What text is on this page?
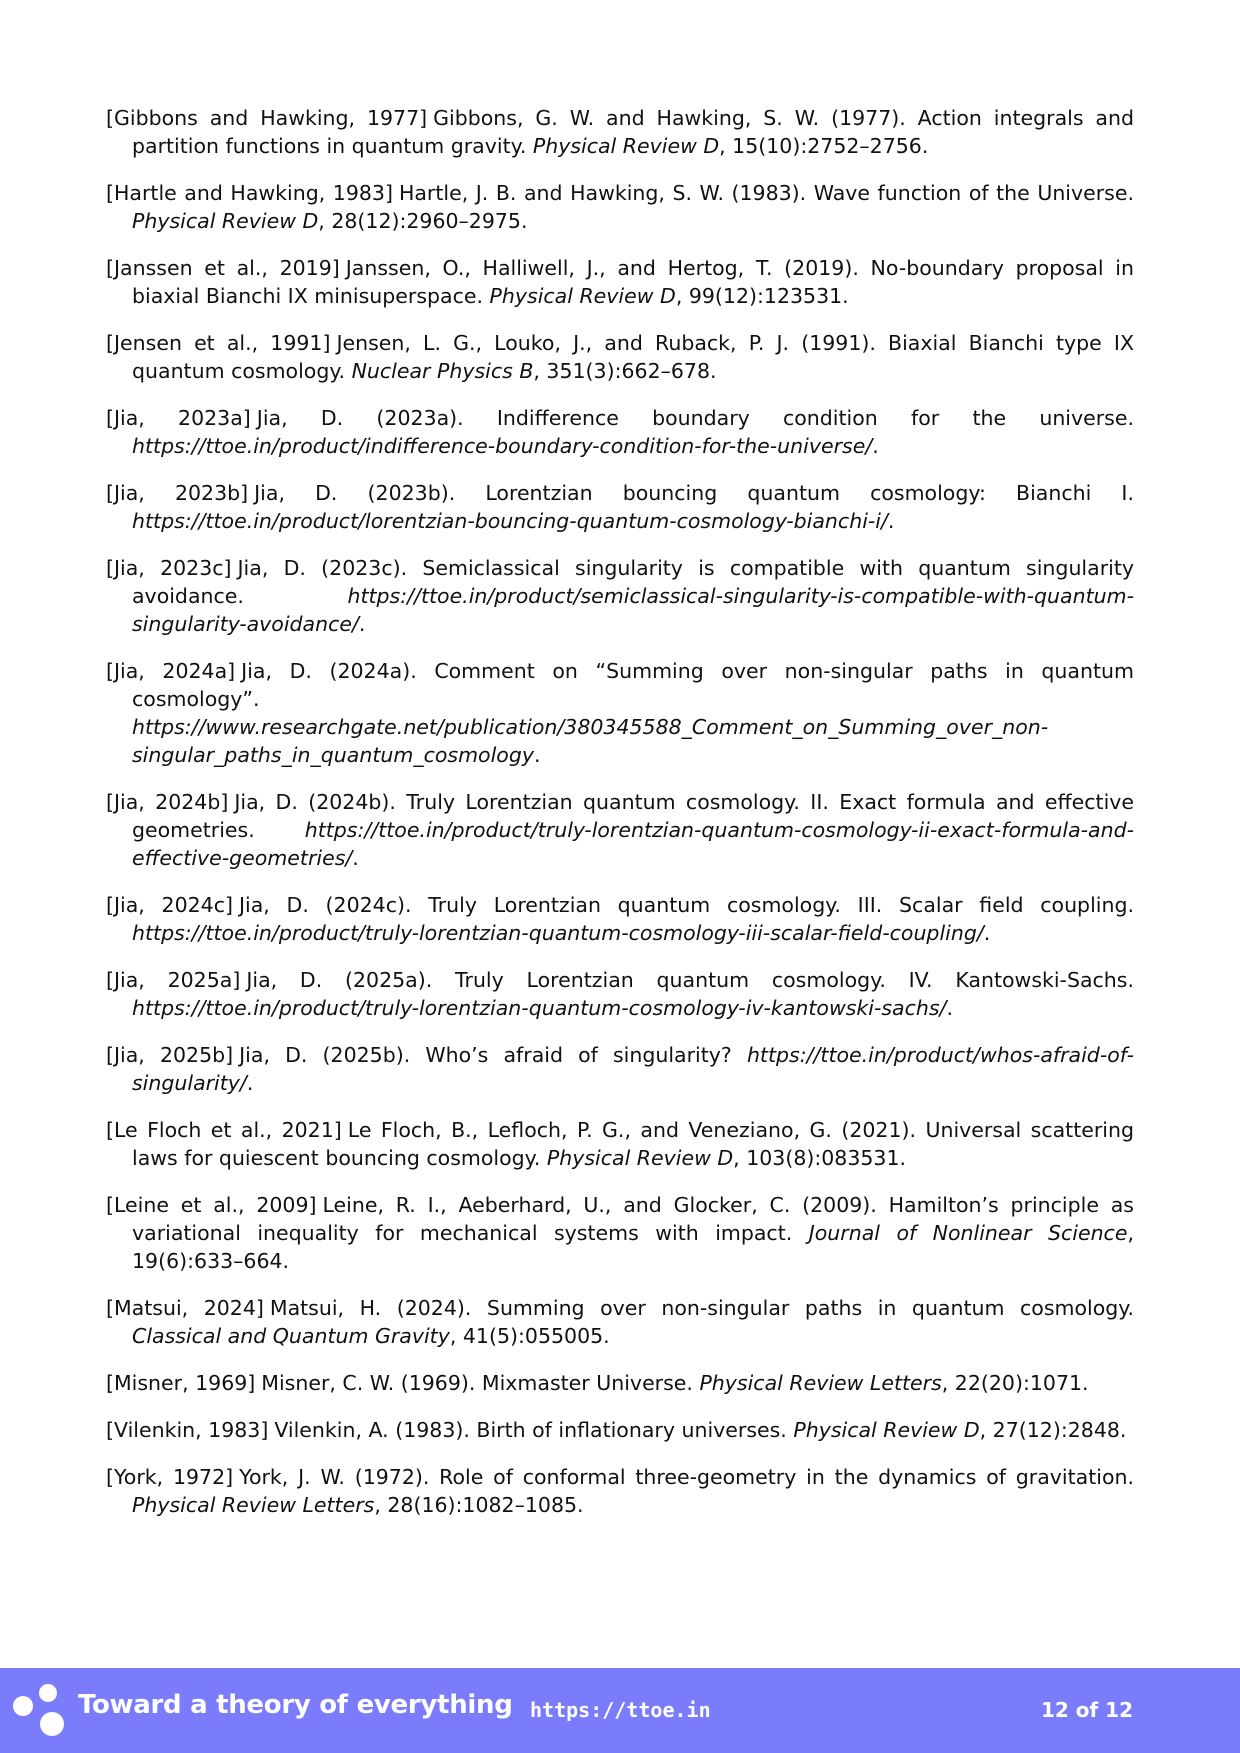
[Gibbons and Hawking, 1977] Gibbons, G. W. and Hawking, S. W. (1977). Action integrals and partition functions in quantum gravity. Physical Review D, 15(10):2752–2756.
[Hartle and Hawking, 1983] Hartle, J. B. and Hawking, S. W. (1983). Wave function of the Universe. Physical Review D, 28(12):2960–2975.
[Janssen et al., 2019] Janssen, O., Halliwell, J., and Hertog, T. (2019). No-boundary proposal in biaxial Bianchi IX minisuperspace. Physical Review D, 99(12):123531.
[Jensen et al., 1991] Jensen, L. G., Louko, J., and Ruback, P. J. (1991). Biaxial Bianchi type IX quantum cosmology. Nuclear Physics B, 351(3):662–678.
[Jia, 2023a] Jia, D. (2023a). Indifference boundary condition for the universe. https://ttoe.in/product/indifference-boundary-condition-for-the-universe/.
[Jia, 2023b] Jia, D. (2023b). Lorentzian bouncing quantum cosmology: Bianchi I. https://ttoe.in/product/lorentzian-bouncing-quantum-cosmology-bianchi-i/.
[Jia, 2023c] Jia, D. (2023c). Semiclassical singularity is compatible with quantum singularity avoidance. https://ttoe.in/product/semiclassical-singularity-is-compatible-with-quantum-singularity-avoidance/.
[Jia, 2024a] Jia, D. (2024a). Comment on “Summing over non-singular paths in quantum cosmology”. https://www.researchgate.net/publication/380345588_Comment_on_Summing_over_non-singular_paths_in_quantum_cosmology.
[Jia, 2024b] Jia, D. (2024b). Truly Lorentzian quantum cosmology. II. Exact formula and effective geometries. https://ttoe.in/product/truly-lorentzian-quantum-cosmology-ii-exact-formula-and-effective-geometries/.
[Jia, 2024c] Jia, D. (2024c). Truly Lorentzian quantum cosmology. III. Scalar field coupling. https://ttoe.in/product/truly-lorentzian-quantum-cosmology-iii-scalar-field-coupling/.
[Jia, 2025a] Jia, D. (2025a). Truly Lorentzian quantum cosmology. IV. Kantowski-Sachs. https://ttoe.in/product/truly-lorentzian-quantum-cosmology-iv-kantowski-sachs/.
[Jia, 2025b] Jia, D. (2025b). Who’s afraid of singularity? https://ttoe.in/product/whos-afraid-of-singularity/.
[Le Floch et al., 2021] Le Floch, B., Lefloch, P. G., and Veneziano, G. (2021). Universal scattering laws for quiescent bouncing cosmology. Physical Review D, 103(8):083531.
[Leine et al., 2009] Leine, R. I., Aeberhard, U., and Glocker, C. (2009). Hamilton’s principle as variational inequality for mechanical systems with impact. Journal of Nonlinear Science, 19(6):633–664.
[Matsui, 2024] Matsui, H. (2024). Summing over non-singular paths in quantum cosmology. Classical and Quantum Gravity, 41(5):055005.
[Misner, 1969] Misner, C. W. (1969). Mixmaster Universe. Physical Review Letters, 22(20):1071.
[Vilenkin, 1983] Vilenkin, A. (1983). Birth of inflationary universes. Physical Review D, 27(12):2848.
[York, 1972] York, J. W. (1972). Role of conformal three-geometry in the dynamics of gravitation. Physical Review Letters, 28(16):1082–1085.
Toward a theory of everything https://ttoe.in	12 of 12
